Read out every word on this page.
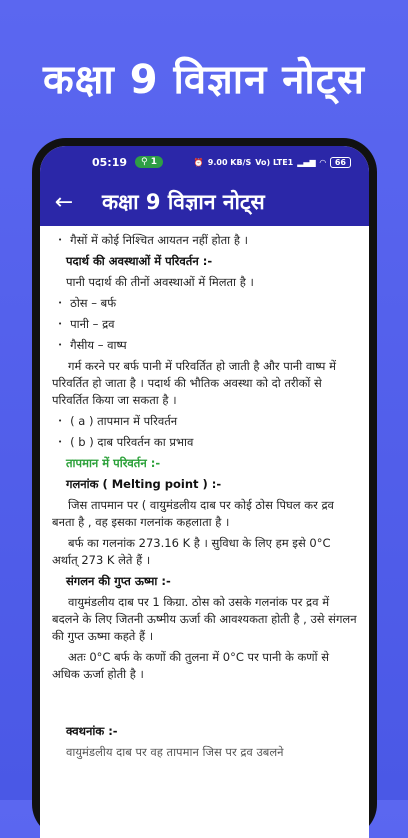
कक्षा 9 विज्ञान नोट्स
05:19	⚲ 1	⏰ 9.00 KB/S Vo) LTE1 ▂▄▆ ◠	66
←	कक्षा 9 विज्ञान नोट्स
• गैसों में कोई निश्चित आयतन नहीं होता है ।
पदार्थ की अवस्थाओं में परिवर्तन :-
पानी पदार्थ की तीनों अवस्थाओं में मिलता है ।
• ठोस – बर्फ
• पानी – द्रव
• गैसीय – वाष्प
गर्म करने पर बर्फ पानी में परिवर्तित हो जाती है और पानी वाष्प में परिवर्तित हो जाता है । पदार्थ की भौतिक अवस्था को दो तरीकों से परिवर्तित किया जा सकता है ।
• ( a ) तापमान में परिवर्तन
• ( b ) दाब परिवर्तन का प्रभाव
तापमान में परिवर्तन :-
गलनांक ( Melting point ) :-
जिस तापमान पर ( वायुमंडलीय दाब पर कोई ठोस पिघल कर द्रव बनता है , वह इसका गलनांक कहलाता है ।
बर्फ का गलनांक 273.16 K है । सुविधा के लिए हम इसे 0°C अर्थात् 273 K लेते हैं ।
संगलन की गुप्त ऊष्मा :-
वायुमंडलीय दाब पर 1 किग्रा. ठोस को उसके गलनांक पर द्रव में बदलने के लिए जितनी ऊष्मीय ऊर्जा की आवश्यकता होती है , उसे संगलन की गुप्त ऊष्मा कहते हैं ।
अतः 0°C बर्फ के कणों की तुलना में 0°C पर पानी के कणों से अधिक ऊर्जा होती है ।
क्वथनांक :-
वायुमंडलीय दाब पर वह तापमान जिस पर द्रव उबलने
